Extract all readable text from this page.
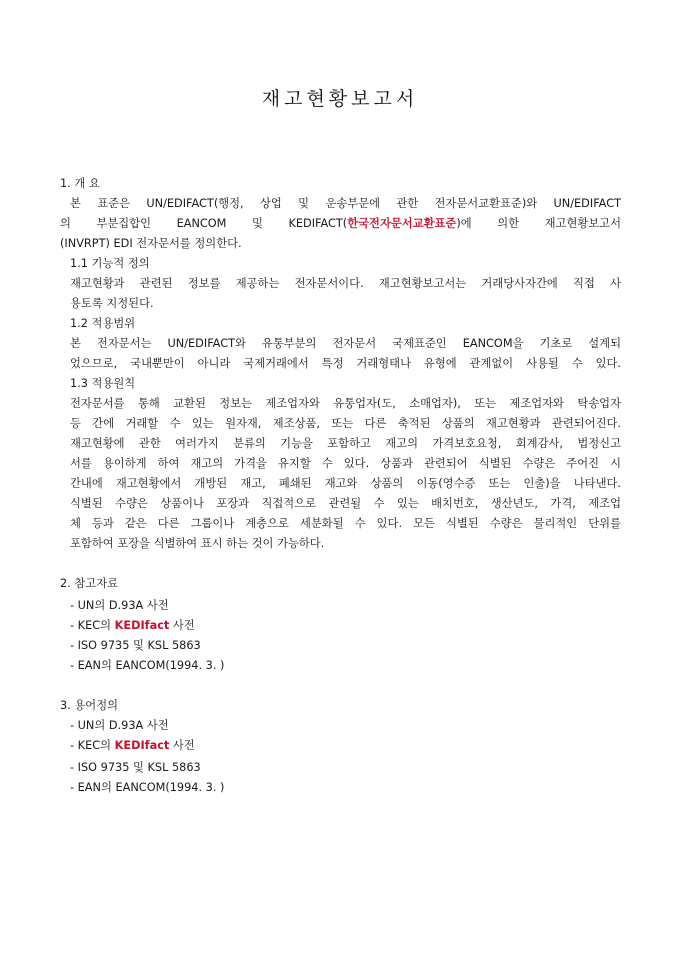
재고현황보고서
1. 개 요
본 표준은 UN/EDIFACT(행정, 상업 및 운송부문에 관한 전자문서교환표준)와 UN/EDIFACT
의 부분집합인 EANCOM 및 KEDIFACT(한국전자문서교환표준)에 의한 재고현황보고서
(INVRPT) EDI 전자문서를 정의한다.
1.1 기능적 정의
재고현황과 관련된 정보를 제공하는 전자문서이다. 재고현황보고서는 거래당사자간에 직접 사
용토록 지정된다.
1.2 적용범위
본 전자문서는 UN/EDIFACT와 유통부분의 전자문서 국제표준인 EANCOM을 기초로 설계되
었으므로, 국내뿐만이 아니라 국제거래에서 특정 거래형태나 유형에 관계없이 사용될 수 있다.
1.3 적용원칙
전자문서를 통해 교환된 정보는 제조업자와 유통업자(도, 소매업자), 또는 제조업자와 탁송업자
등 간에 거래할 수 있는 원자재, 제조상품, 또는 다른 축적된 상품의 재고현황과 관련되어진다.
재고현황에 관한 여러가지 분류의 기능을 포함하고 재고의 가격보호요청, 회계감사, 법정신고
서를 용이하게 하여 재고의 가격을 유지할 수 있다. 상품과 관련되어 식별된 수량은 주어진 시
간내에 재고현황에서 개방된 재고, 폐쇄된 재고와 상품의 이동(영수증 또는 인출)을 나타낸다.
식별된 수량은 상품이나 포장과 직접적으로 관련될 수 있는 배치번호, 생산년도, 가격, 제조업
체 등과 같은 다른 그룹이나 계층으로 세분화될 수 있다. 모든 식별된 수량은 물리적인 단위를
포함하여 포장을 식별하여 표시 하는 것이 가능하다.
2. 참고자료
- UN의 D.93A 사전
- KEC의 KEDIfact 사전
- ISO 9735 및 KSL 5863
- EAN의 EANCOM(1994. 3. )
3. 용어정의
- UN의 D.93A 사전
- KEC의 KEDIfact 사전
- ISO 9735 및 KSL 5863
- EAN의 EANCOM(1994. 3. )
